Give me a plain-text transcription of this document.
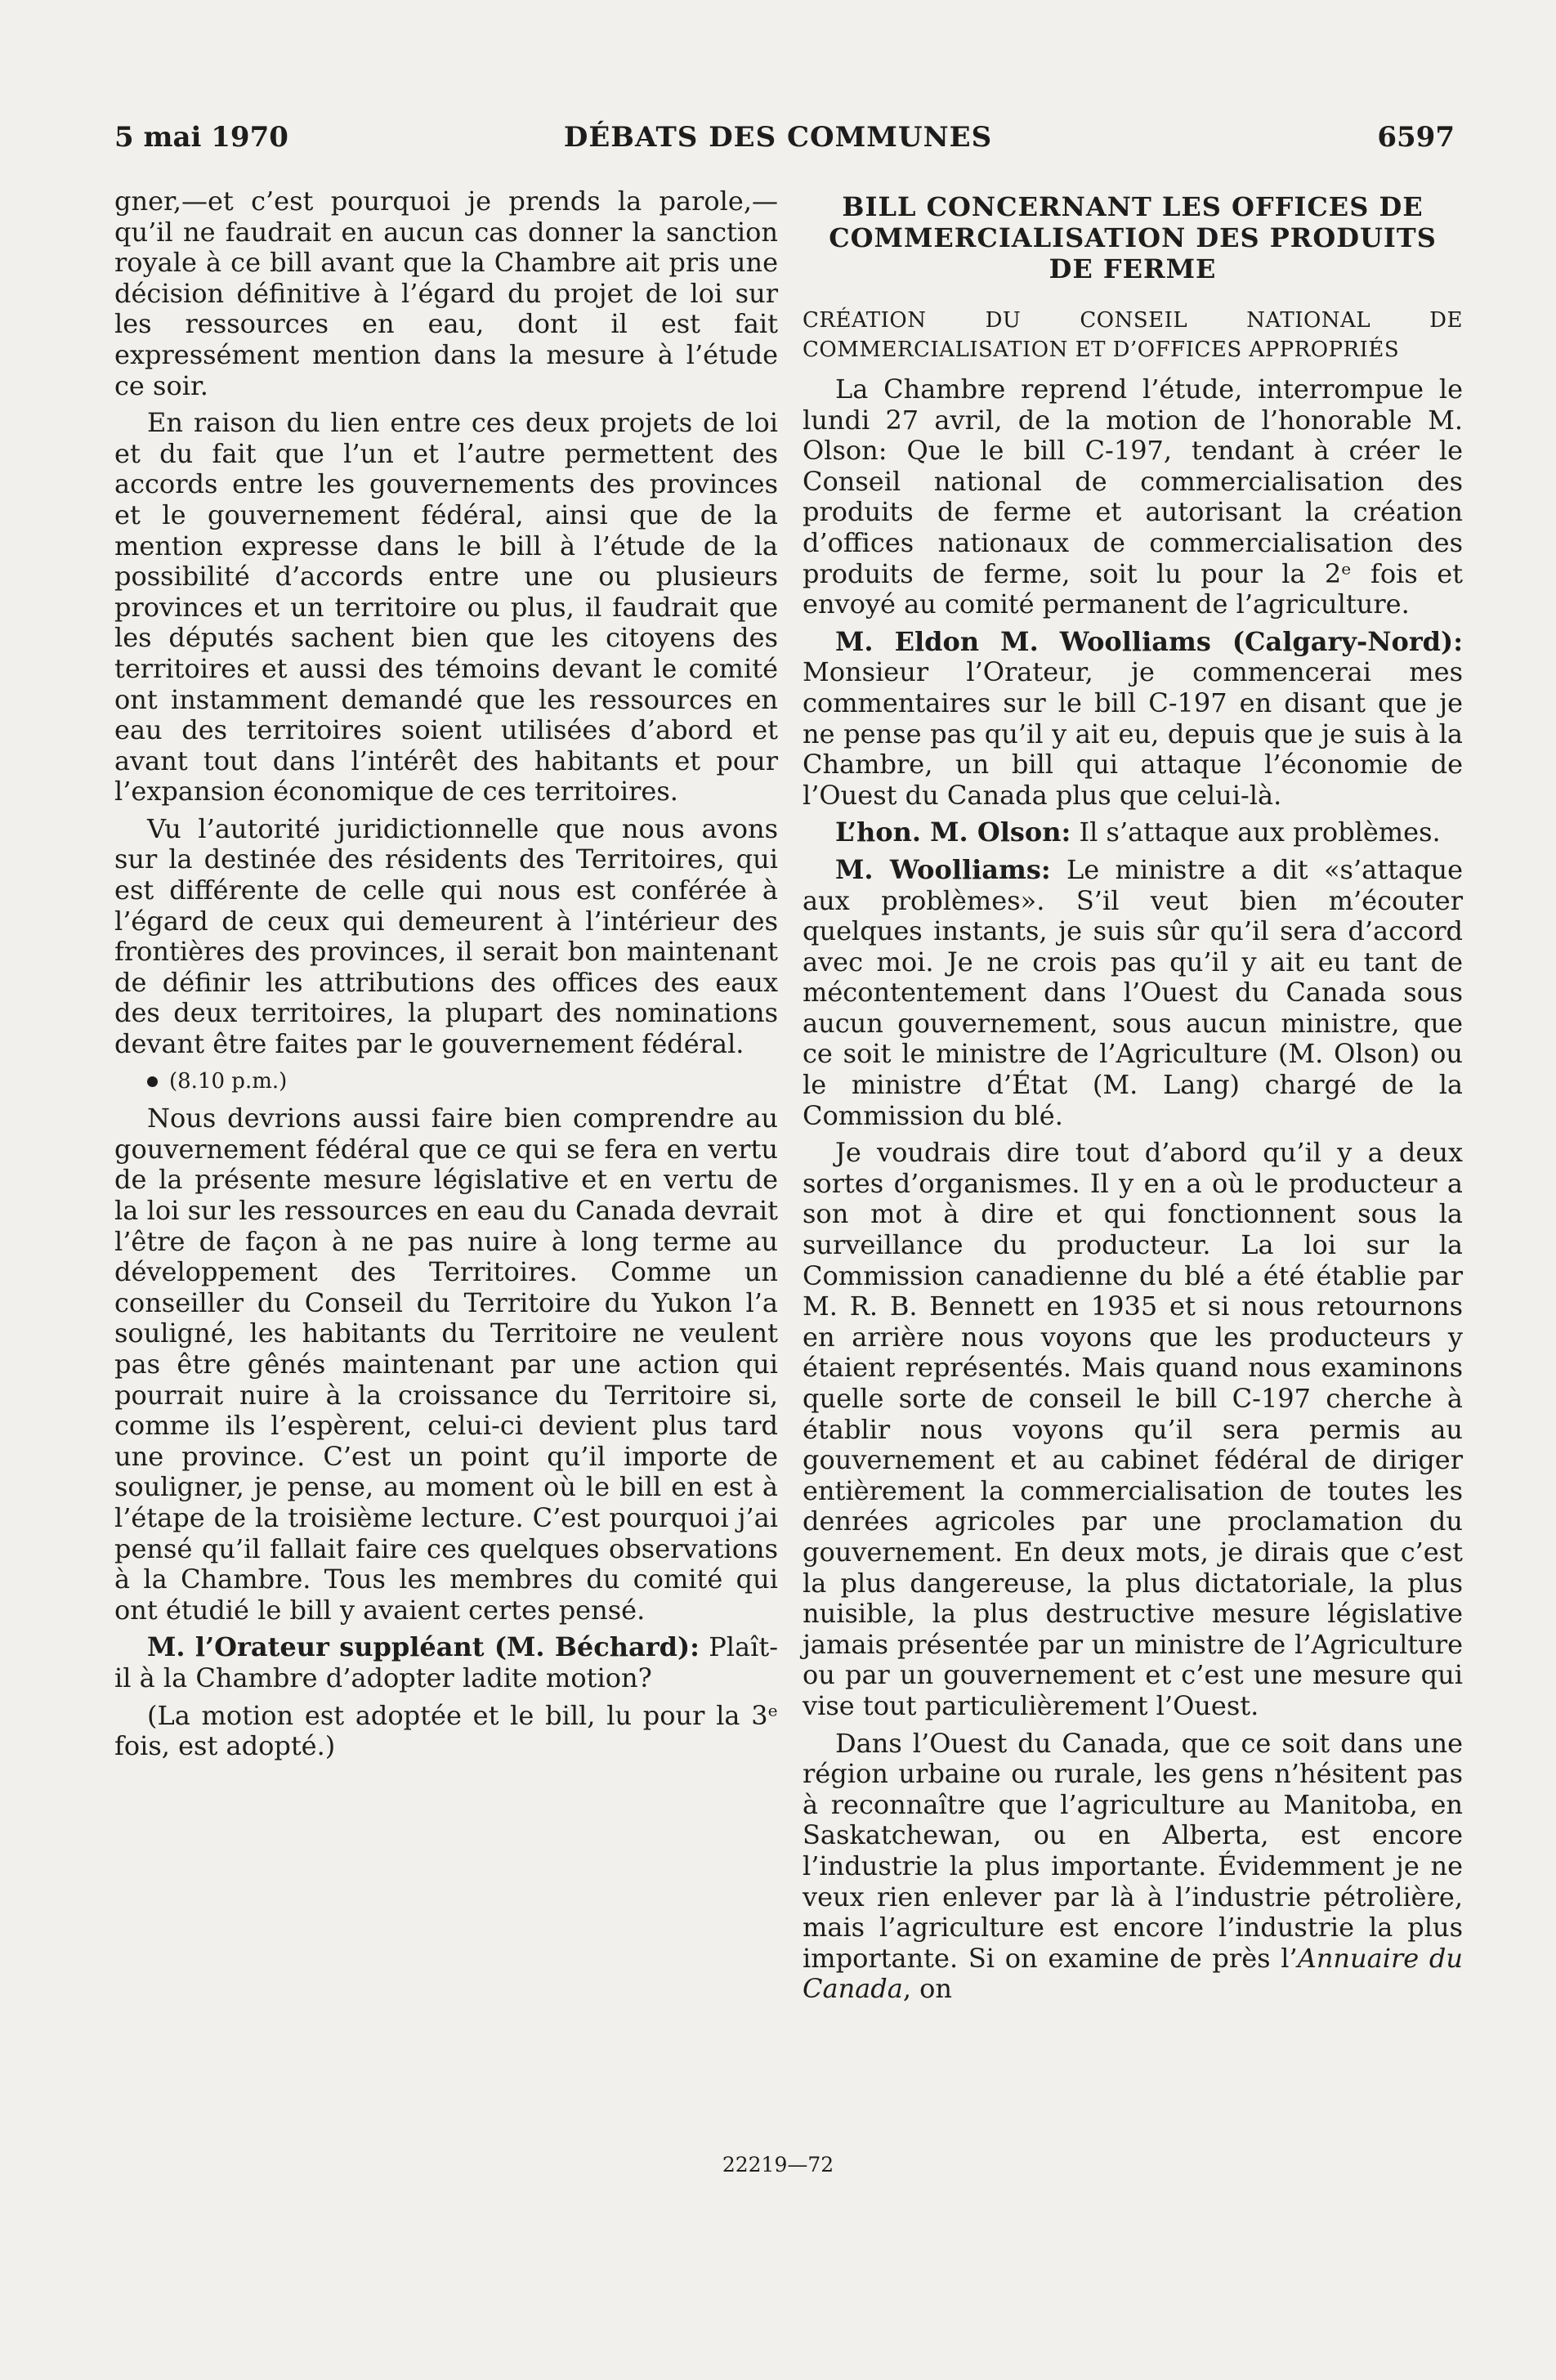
5 mai 1970	DÉBATS DES COMMUNES	6597

gner,—et c’est pourquoi je prends la parole,—qu’il ne faudrait en aucun cas donner la sanction royale à ce bill avant que la Chambre ait pris une décision définitive à l’égard du projet de loi sur les ressources en eau, dont il est fait expressément mention dans la mesure à l’étude ce soir.

En raison du lien entre ces deux projets de loi et du fait que l’un et l’autre permettent des accords entre les gouvernements des provinces et le gouvernement fédéral, ainsi que de la mention expresse dans le bill à l’étude de la possibilité d’accords entre une ou plusieurs provinces et un territoire ou plus, il faudrait que les députés sachent bien que les citoyens des territoires et aussi des témoins devant le comité ont instamment demandé que les ressources en eau des territoires soient utilisées d’abord et avant tout dans l’intérêt des habitants et pour l’expansion économique de ces territoires.

Vu l’autorité juridictionnelle que nous avons sur la destinée des résidents des Territoires, qui est différente de celle qui nous est conférée à l’égard de ceux qui demeurent à l’intérieur des frontières des provinces, il serait bon maintenant de définir les attributions des offices des eaux des deux territoires, la plupart des nominations devant être faites par le gouvernement fédéral.

(8.10 p.m.)

Nous devrions aussi faire bien comprendre au gouvernement fédéral que ce qui se fera en vertu de la présente mesure législative et en vertu de la loi sur les ressources en eau du Canada devrait l’être de façon à ne pas nuire à long terme au développement des Territoires. Comme un conseiller du Conseil du Territoire du Yukon l’a souligné, les habitants du Territoire ne veulent pas être gênés maintenant par une action qui pourrait nuire à la croissance du Territoire si, comme ils l’espèrent, celui-ci devient plus tard une province. C’est un point qu’il importe de souligner, je pense, au moment où le bill en est à l’étape de la troisième lecture. C’est pourquoi j’ai pensé qu’il fallait faire ces quelques observations à la Chambre. Tous les membres du comité qui ont étudié le bill y avaient certes pensé.

M. l’Orateur suppléant (M. Béchard): Plaît-il à la Chambre d’adopter ladite motion?

(La motion est adoptée et le bill, lu pour la 3ᵉ fois, est adopté.)

BILL CONCERNANT LES OFFICES DE COMMERCIALISATION DES PRODUITS DE FERME
CRÉATION DU CONSEIL NATIONAL DE COMMERCIALISATION ET D’OFFICES APPROPRIÉS

La Chambre reprend l’étude, interrompue le lundi 27 avril, de la motion de l’honorable M. Olson: Que le bill C-197, tendant à créer le Conseil national de commercialisation des produits de ferme et autorisant la création d’offices nationaux de commercialisation des produits de ferme, soit lu pour la 2ᵉ fois et envoyé au comité permanent de l’agriculture.

M. Eldon M. Woolliams (Calgary-Nord): Monsieur l’Orateur, je commencerai mes commentaires sur le bill C-197 en disant que je ne pense pas qu’il y ait eu, depuis que je suis à la Chambre, un bill qui attaque l’économie de l’Ouest du Canada plus que celui-là.

L’hon. M. Olson: Il s’attaque aux problèmes.

M. Woolliams: Le ministre a dit «s’attaque aux problèmes». S’il veut bien m’écouter quelques instants, je suis sûr qu’il sera d’accord avec moi. Je ne crois pas qu’il y ait eu tant de mécontentement dans l’Ouest du Canada sous aucun gouvernement, sous aucun ministre, que ce soit le ministre de l’Agriculture (M. Olson) ou le ministre d’État (M. Lang) chargé de la Commission du blé.

Je voudrais dire tout d’abord qu’il y a deux sortes d’organismes. Il y en a où le producteur a son mot à dire et qui fonctionnent sous la surveillance du producteur. La loi sur la Commission canadienne du blé a été établie par M. R. B. Bennett en 1935 et si nous retournons en arrière nous voyons que les producteurs y étaient représentés. Mais quand nous examinons quelle sorte de conseil le bill C-197 cherche à établir nous voyons qu’il sera permis au gouvernement et au cabinet fédéral de diriger entièrement la commercialisation de toutes les denrées agricoles par une proclamation du gouvernement. En deux mots, je dirais que c’est la plus dangereuse, la plus dictatoriale, la plus nuisible, la plus destructive mesure législative jamais présentée par un ministre de l’Agriculture ou par un gouvernement et c’est une mesure qui vise tout particulièrement l’Ouest.

Dans l’Ouest du Canada, que ce soit dans une région urbaine ou rurale, les gens n’hésitent pas à reconnaître que l’agriculture au Manitoba, en Saskatchewan, ou en Alberta, est encore l’industrie la plus importante. Évidemment je ne veux rien enlever par là à l’industrie pétrolière, mais l’agriculture est encore l’industrie la plus importante. Si on examine de près l’Annuaire du Canada, on

22219—72
